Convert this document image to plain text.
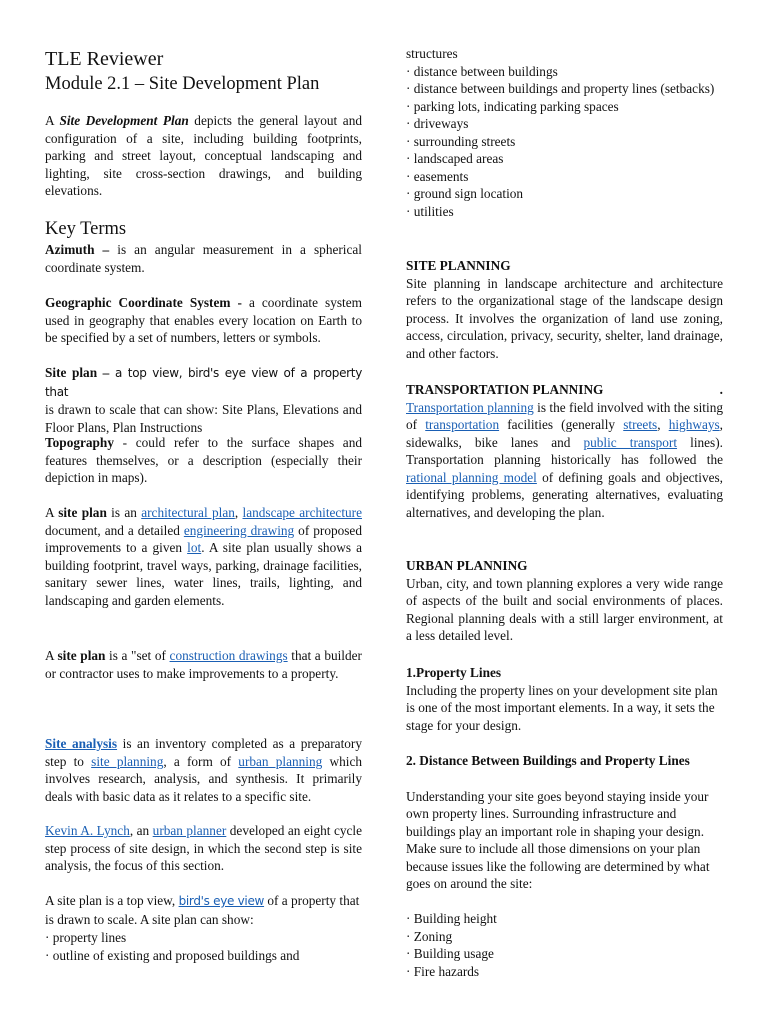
TLE Reviewer
Module 2.1 – Site Development Plan

A Site Development Plan depicts the general layout and configuration of a site, including building footprints, parking and street layout, conceptual landscaping and lighting, site cross-section drawings, and building elevations.

Key Terms

Azimuth – is an angular measurement in a spherical coordinate system.

Geographic Coordinate System - a coordinate system used in geography that enables every location on Earth to be specified by a set of numbers, letters or symbols.

Site plan – a top view, bird's eye view of a property that
is drawn to scale that can show: Site Plans, Elevations and Floor Plans, Plan Instructions

Topography - could refer to the surface shapes and features themselves, or a description (especially their depiction in maps).

A site plan is an architectural plan, landscape architecture document, and a detailed engineering drawing of proposed improvements to a given lot. A site plan usually shows a building footprint, travel ways, parking, drainage facilities, sanitary sewer lines, water lines, trails, lighting, and landscaping and garden elements.

A site plan is a "set of construction drawings that a builder or contractor uses to make improvements to a property.

Site analysis is an inventory completed as a preparatory step to site planning, a form of urban planning which involves research, analysis, and synthesis. It primarily deals with basic data as it relates to a specific site.

Kevin A. Lynch, an urban planner developed an eight cycle step process of site design, in which the second step is site analysis, the focus of this section.

A site plan is a top view, bird's eye view of a property that is drawn to scale. A site plan can show:

· property lines

· outline of existing and proposed buildings and

structures

· distance between buildings

· distance between buildings and property lines (setbacks)

· parking lots, indicating parking spaces

· driveways

· surrounding streets

· landscaped areas

· easements

· ground sign location

· utilities

SITE PLANNING

Site planning in landscape architecture and architecture refers to the organizational stage of the landscape design process. It involves the organization of land use zoning, access, circulation, privacy, security, shelter, land drainage, and other factors.

TRANSPORTATION PLANNING	.

Transportation planning is the field involved with the siting of transportation facilities (generally streets, highways, sidewalks, bike lanes and public transport lines). Transportation planning historically has followed the rational planning model of defining goals and objectives, identifying problems, generating alternatives, evaluating alternatives, and developing the plan.

URBAN PLANNING

Urban, city, and town planning explores a very wide range of aspects of the built and social environments of places. Regional planning deals with a still larger environment, at a less detailed level.

1.Property Lines

Including the property lines on your development site plan is one of the most important elements. In a way, it sets the stage for your design.

2. Distance Between Buildings and Property Lines

Understanding your site goes beyond staying inside your own property lines. Surrounding infrastructure and buildings play an important role in shaping your design. Make sure to include all those dimensions on your plan because issues like the following are determined by what goes on around the site:

· Building height

· Zoning

· Building usage

· Fire hazards
